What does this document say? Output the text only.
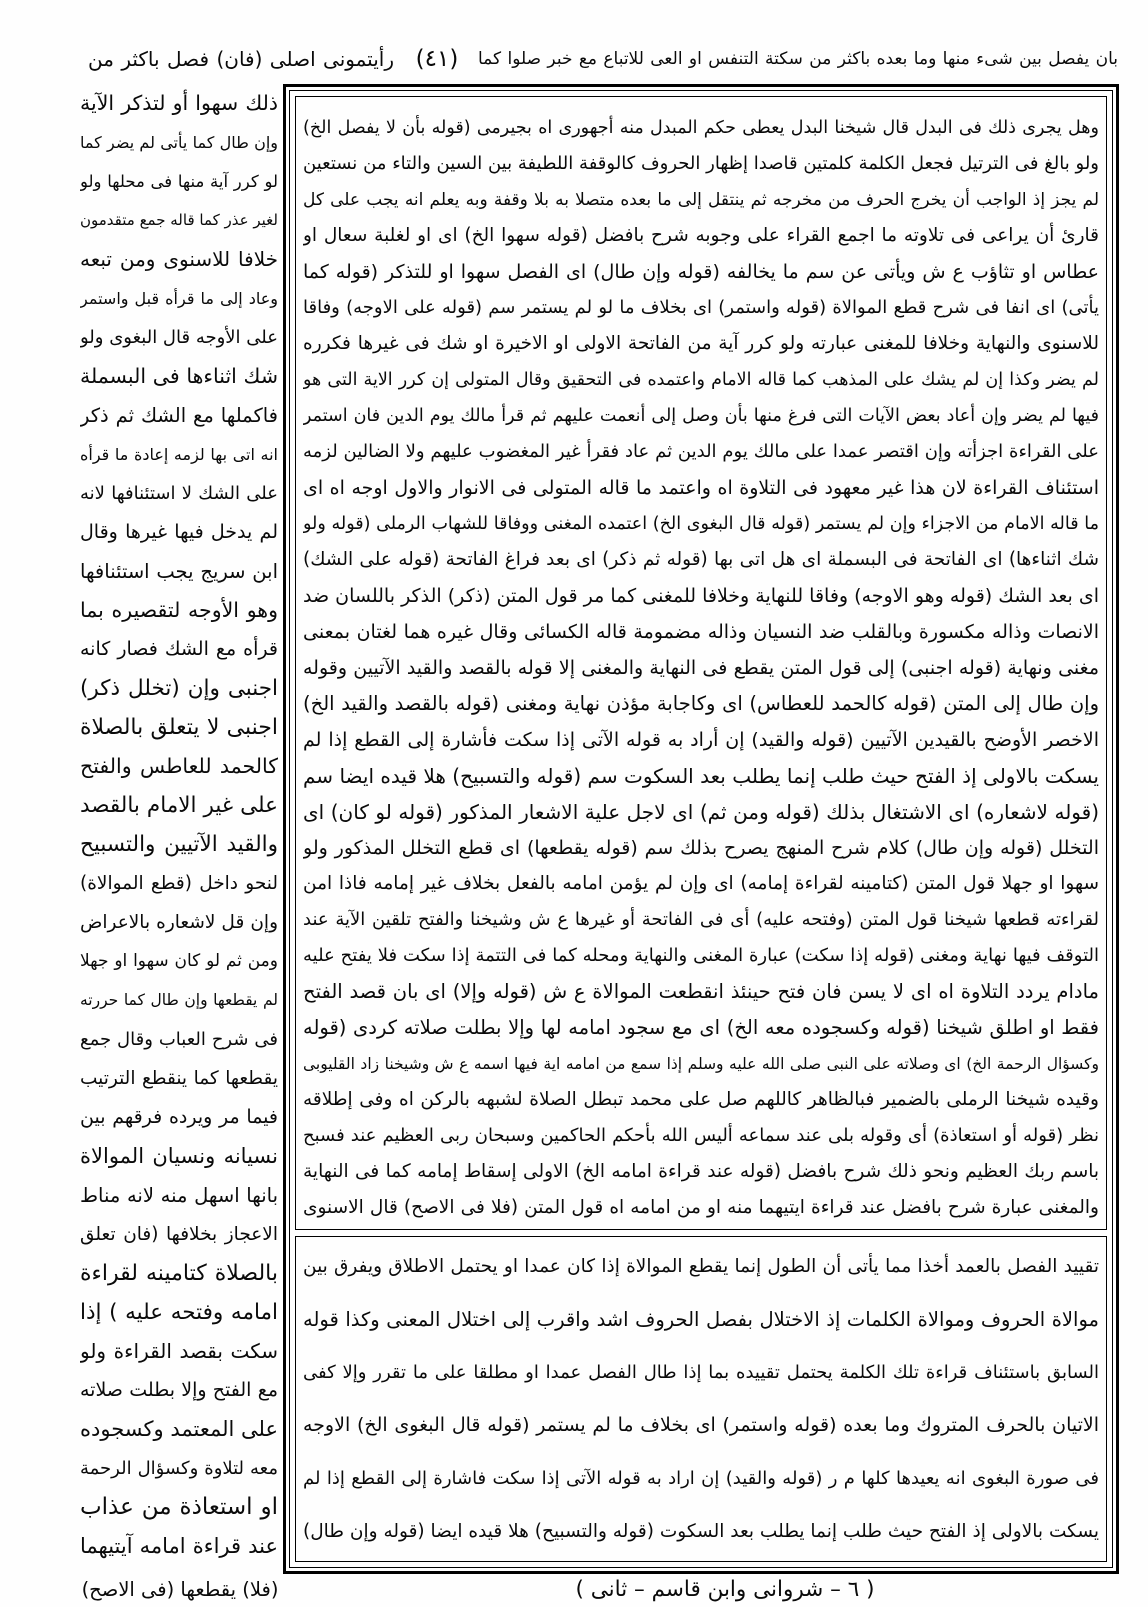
بان يفصل بين شىء منها وما بعده باكثر من سكتة التنفس او العى للاتباع مع خبر صلوا كما
(٤١)
رأيتمونى اصلى (فان) فصل باكثر من
ذلك سهوا أو لتذكر الآية
وإن طال كما يأتى لم يضر كما
لو كرر آية منها فى محلها ولو
لغير عذر كما قاله جمع متقدمون
خلافا للاسنوى ومن تبعه
وعاد إلى ما قرأه قبل واستمر
على الأوجه قال البغوى ولو
شك اثناءها فى البسملة
فاكملها مع الشك ثم ذكر
انه اتى بها لزمه إعادة ما قرأه
على الشك لا استئنافها لانه
لم يدخل فيها غيرها وقال
ابن سريج يجب استئنافها
وهو الأوجه لتقصيره بما
قرأه مع الشك فصار كانه
اجنبى وإن (تخلل ذكر)
اجنبى لا يتعلق بالصلاة
كالحمد للعاطس والفتح
على غير الامام بالقصد
والقيد الآتيين والتسبيح
لنحو داخل (قطع الموالاة)
وإن قل لاشعاره بالاعراض
ومن ثم لو كان سهوا او جهلا
لم يقطعها وإن طال كما حررته
فى شرح العباب وقال جمع
يقطعها كما ينقطع الترتيب
فيما مر ويرده فرقهم بين
نسيانه ونسيان الموالاة
بانها اسهل منه لانه مناط
الاعجاز بخلافها (فان تعلق
بالصلاة كتامينه لقراءة
امامه وفتحه عليه ) إذا
سكت بقصد القراءة ولو
مع الفتح وإلا بطلت صلاته
على المعتمد وكسجوده
معه لتلاوة وكسؤال الرحمة
او استعاذة من عذاب
عند قراءة امامه آيتيهما
وهل يجرى ذلك فى البدل قال شيخنا البدل يعطى حكم المبدل منه أجهورى اه بجيرمى (قوله بأن لا يفصل الخ)
ولو بالغ فى الترتيل فجعل الكلمة كلمتين قاصدا إظهار الحروف كالوقفة اللطيفة بين السين والتاء من نستعين
لم يجز إذ الواجب أن يخرج الحرف من مخرجه ثم ينتقل إلى ما بعده متصلا به بلا وقفة وبه يعلم انه يجب على كل
قارئ أن يراعى فى تلاوته ما اجمع القراء على وجوبه شرح بافضل (قوله سهوا الخ) اى او لغلبة سعال او
عطاس او تثاؤب ع ش ويأتى عن سم ما يخالفه (قوله وإن طال) اى الفصل سهوا او للتذكر (قوله كما
يأتى) اى انفا فى شرح قطع الموالاة (قوله واستمر) اى بخلاف ما لو لم يستمر سم (قوله على الاوجه) وفاقا
للاسنوى والنهاية وخلافا للمغنى عبارته ولو كرر آية من الفاتحة الاولى او الاخيرة او شك فى غيرها فكرره
لم يضر وكذا إن لم يشك على المذهب كما قاله الامام واعتمده فى التحقيق وقال المتولى إن كرر الاية التى هو
فيها لم يضر وإن أعاد بعض الآيات التى فرغ منها بأن وصل إلى أنعمت عليهم ثم قرأ مالك يوم الدين فان استمر
على القراءة اجزأته وإن اقتصر عمدا على مالك يوم الدين ثم عاد فقرأ غير المغضوب عليهم ولا الضالين لزمه
استئناف القراءة لان هذا غير معهود فى التلاوة اه واعتمد ما قاله المتولى فى الانوار والاول اوجه اه اى
ما قاله الامام من الاجزاء وإن لم يستمر (قوله قال البغوى الخ) اعتمده المغنى ووفاقا للشهاب الرملى (قوله ولو
شك اثناءها) اى الفاتحة فى البسملة اى هل اتى بها (قوله ثم ذكر) اى بعد فراغ الفاتحة (قوله على الشك)
اى بعد الشك (قوله وهو الاوجه) وفاقا للنهاية وخلافا للمغنى كما مر قول المتن (ذكر) الذكر باللسان ضد
الانصات وذاله مكسورة وبالقلب ضد النسيان وذاله مضمومة قاله الكسائى وقال غيره هما لغتان بمعنى
مغنى ونهاية (قوله اجنبى) إلى قول المتن يقطع فى النهاية والمغنى إلا قوله بالقصد والقيد الآتيين وقوله
وإن طال إلى المتن (قوله كالحمد للعطاس) اى وكاجابة مؤذن نهاية ومغنى (قوله بالقصد والقيد الخ)
الاخصر الأوضح بالقيدين الآتيين (قوله والقيد) إن أراد به قوله الآتى إذا سكت فأشارة إلى القطع إذا لم
يسكت بالاولى إذ الفتح حيث طلب إنما يطلب بعد السكوت سم (قوله والتسبيح) هلا قيده ايضا سم
(قوله لاشعاره) اى الاشتغال بذلك (قوله ومن ثم) اى لاجل علية الاشعار المذكور (قوله لو كان) اى
التخلل (قوله وإن طال) كلام شرح المنهج يصرح بذلك سم (قوله يقطعها) اى قطع التخلل المذكور ولو
سهوا او جهلا قول المتن (كتامينه لقراءة إمامه) اى وإن لم يؤمن امامه بالفعل بخلاف غير إمامه فاذا امن
لقراءته قطعها شيخنا قول المتن (وفتحه عليه) أى فى الفاتحة أو غيرها ع ش وشيخنا والفتح تلقين الآية عند
التوقف فيها نهاية ومغنى (قوله إذا سكت) عبارة المغنى والنهاية ومحله كما فى التتمة إذا سكت فلا يفتح عليه
مادام يردد التلاوة اه اى لا يسن فان فتح حينئذ انقطعت الموالاة ع ش (قوله وإلا) اى بان قصد الفتح
فقط او اطلق شيخنا (قوله وكسجوده معه الخ) اى مع سجود امامه لها وإلا بطلت صلاته كردى (قوله
وكسؤال الرحمة الخ) اى وصلاته على النبى صلى الله عليه وسلم إذا سمع من امامه اية فيها اسمه ع ش وشيخنا زاد القليوبى
وقيده شيخنا الرملى بالضمير فبالظاهر كاللهم صل على محمد تبطل الصلاة لشبهه بالركن اه وفى إطلاقه
نظر (قوله أو استعاذة) أى وقوله بلى عند سماعه أليس الله بأحكم الحاكمين وسبحان ربى العظيم عند فسبح
باسم ربك العظيم ونحو ذلك شرح بافضل (قوله عند قراءة امامه الخ) الاولى إسقاط إمامه كما فى النهاية
والمغنى عبارة شرح بافضل عند قراءة ايتيهما منه او من امامه اه قول المتن (فلا فى الاصح) قال الاسنوى
تقييد الفصل بالعمد أخذا مما يأتى أن الطول إنما يقطع الموالاة إذا كان عمدا او يحتمل الاطلاق ويفرق بين
موالاة الحروف وموالاة الكلمات إذ الاختلال بفصل الحروف اشد واقرب إلى اختلال المعنى وكذا قوله
السابق باستئناف قراءة تلك الكلمة يحتمل تقييده بما إذا طال الفصل عمدا او مطلقا على ما تقرر وإلا كفى
الاتيان بالحرف المتروك وما بعده (قوله واستمر) اى بخلاف ما لم يستمر (قوله قال البغوى الخ) الاوجه
فى صورة البغوى انه يعيدها كلها م ر (قوله والقيد) إن اراد به قوله الآتى إذا سكت فاشارة إلى القطع إذا لم
يسكت بالاولى إذ الفتح حيث طلب إنما يطلب بعد السكوت (قوله والتسبيح) هلا قيده ايضا (قوله وإن طال)
(فلا) يقطعها (فى الاصح)	( ٦ – شروانى وابن قاسم – ثانى )
